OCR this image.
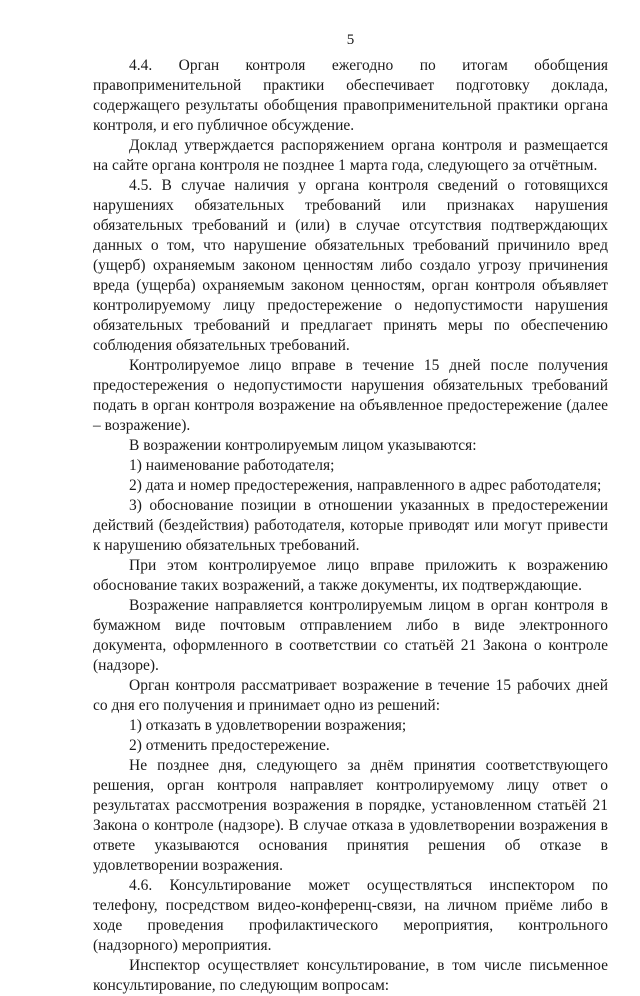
5

4.4. Орган контроля ежегодно по итогам обобщения правоприменительной практики обеспечивает подготовку доклада, содержащего результаты обобщения правоприменительной практики органа контроля, и его публичное обсуждение.

Доклад утверждается распоряжением органа контроля и размещается на сайте органа контроля не позднее 1 марта года, следующего за отчётным.

4.5. В случае наличия у органа контроля сведений о готовящихся нарушениях обязательных требований или признаках нарушения обязательных требований и (или) в случае отсутствия подтверждающих данных о том, что нарушение обязательных требований причинило вред (ущерб) охраняемым законом ценностям либо создало угрозу причинения вреда (ущерба) охраняемым законом ценностям, орган контроля объявляет контролируемому лицу предостережение о недопустимости нарушения обязательных требований и предлагает принять меры по обеспечению соблюдения обязательных требований.

Контролируемое лицо вправе в течение 15 дней после получения предостережения о недопустимости нарушения обязательных требований подать в орган контроля возражение на объявленное предостережение (далее – возражение).

В возражении контролируемым лицом указываются:

1) наименование работодателя;

2) дата и номер предостережения, направленного в адрес работодателя;

3) обоснование позиции в отношении указанных в предостережении действий (бездействия) работодателя, которые приводят или могут привести к нарушению обязательных требований.

При этом контролируемое лицо вправе приложить к возражению обоснование таких возражений, а также документы, их подтверждающие.

Возражение направляется контролируемым лицом в орган контроля в бумажном виде почтовым отправлением либо в виде электронного документа, оформленного в соответствии со статьёй 21 Закона о контроле (надзоре).

Орган контроля рассматривает возражение в течение 15 рабочих дней со дня его получения и принимает одно из решений:

1) отказать в удовлетворении возражения;

2) отменить предостережение.

Не позднее дня, следующего за днём принятия соответствующего решения, орган контроля направляет контролируемому лицу ответ о результатах рассмотрения возражения в порядке, установленном статьёй 21 Закона о контроле (надзоре). В случае отказа в удовлетворении возражения в ответе указываются основания принятия решения об отказе в удовлетворении возражения.

4.6. Консультирование может осуществляться инспектором по телефону, посредством видео-конференц-связи, на личном приёме либо в ходе проведения профилактического мероприятия, контрольного (надзорного) мероприятия.

Инспектор осуществляет консультирование, в том числе письменное консультирование, по следующим вопросам:
